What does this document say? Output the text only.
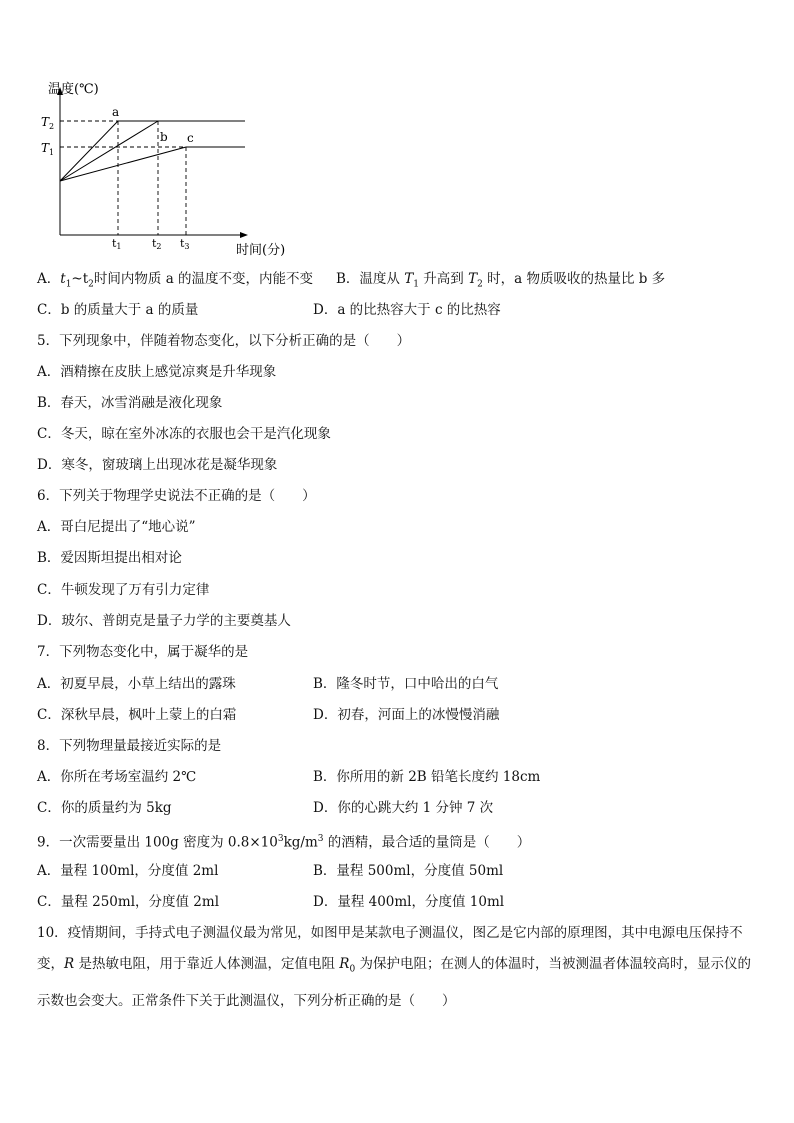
温度(℃)
时间(分)
$T_2$
$T_1$
a
b c
t1	t2 t3
A．$t_1\sim t_2$时间内物质 a 的温度不变，内能不变 B．温度从 $T_1$ 升高到 $T_2$ 时，a 物质吸收的热量比 b 多
C．b 的质量大于 a 的质量	D．a 的比热容大于 c 的比热容
5．下列现象中，伴随着物态变化，以下分析正确的是（　　）
A．酒精擦在皮肤上感觉凉爽是升华现象
B．春天，冰雪消融是液化现象
C．冬天，晾在室外冰冻的衣服也会干是汽化现象
D．寒冬，窗玻璃上出现冰花是凝华现象
6．下列关于物理学史说法不正确的是（　　）
A．哥白尼提出了“地心说”
B．爱因斯坦提出相对论
C．牛顿发现了万有引力定律
D．玻尔、普朗克是量子力学的主要奠基人
7．下列物态变化中，属于凝华的是
A．初夏早晨，小草上结出的露珠	B．隆冬时节，口中哈出的白气
C．深秋早晨，枫叶上蒙上的白霜	D．初春，河面上的冰慢慢消融
8．下列物理量最接近实际的是
A．你所在考场室温约 2℃	B．你所用的新 2B 铅笔长度约 18cm
C．你的质量约为 5kg	D．你的心跳大约 1 分钟 7 次
9．一次需要量出 100g 密度为 $0.8\times 10^3kg/m^3$ 的酒精，最合适的量筒是（　　）
A．量程 100ml，分度值 2ml	B．量程 500ml，分度值 50ml
C．量程 250ml，分度值 2ml	D．量程 400ml，分度值 10ml
10．疫情期间，手持式电子测温仪最为常见，如图甲是某款电子测温仪，图乙是它内部的原理图，其中电源电压保持不变，R 是热敏电阻，用于靠近人体测温，定值电阻 $R_0$ 为保护电阻；在测人的体温时，当被测温者体温较高时，显示仪的示数也会变大。正常条件下关于此测温仪，下列分析正确的是（　　）
